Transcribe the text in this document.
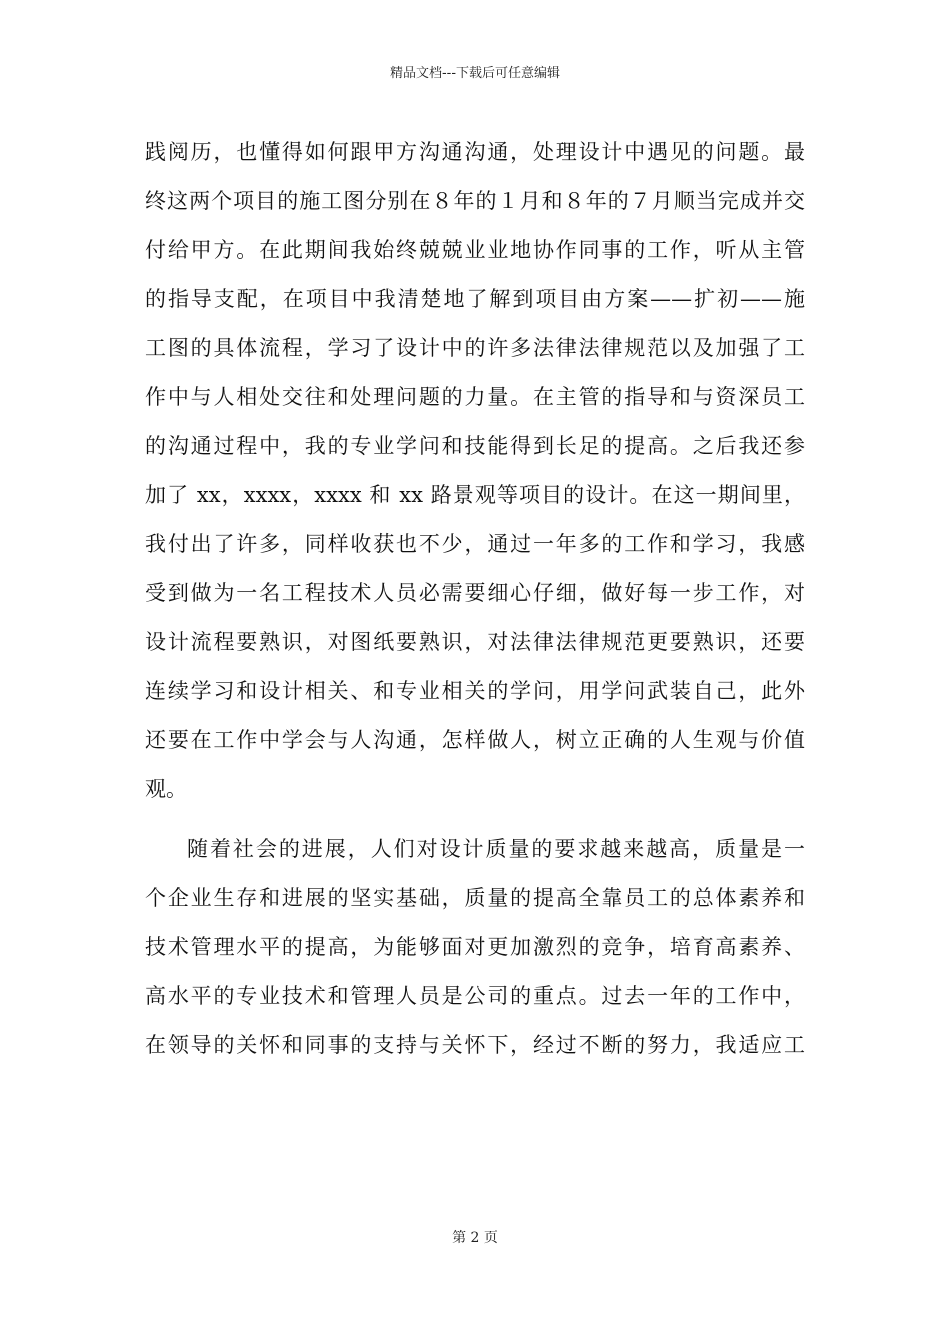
精品文档---下载后可任意编辑
践阅历，也懂得如何跟甲方沟通沟通，处理设计中遇见的问题。最
终这两个项目的施工图分别在８年的１月和８年的７月顺当完成并交
付给甲方。在此期间我始终兢兢业业地协作同事的工作，听从主管
的指导支配，在项目中我清楚地了解到项目由方案——扩初——施
工图的具体流程，学习了设计中的许多法律法律规范以及加强了工
作中与人相处交往和处理问题的力量。在主管的指导和与资深员工
的沟通过程中，我的专业学问和技能得到长足的提高。之后我还参
加了 xx，xxxx，xxxx 和 xx 路景观等项目的设计。在这一期间里，
我付出了许多，同样收获也不少，通过一年多的工作和学习，我感
受到做为一名工程技术人员必需要细心仔细，做好每一步工作，对
设计流程要熟识，对图纸要熟识，对法律法律规范更要熟识，还要
连续学习和设计相关、和专业相关的学问，用学问武装自己，此外
还要在工作中学会与人沟通，怎样做人，树立正确的人生观与价值
观。
随着社会的进展，人们对设计质量的要求越来越高，质量是一
个企业生存和进展的坚实基础，质量的提高全靠员工的总体素养和
技术管理水平的提高，为能够面对更加激烈的竞争，培育高素养、
高水平的专业技术和管理人员是公司的重点。过去一年的工作中，
在领导的关怀和同事的支持与关怀下，经过不断的努力，我适应工
第 2 页
